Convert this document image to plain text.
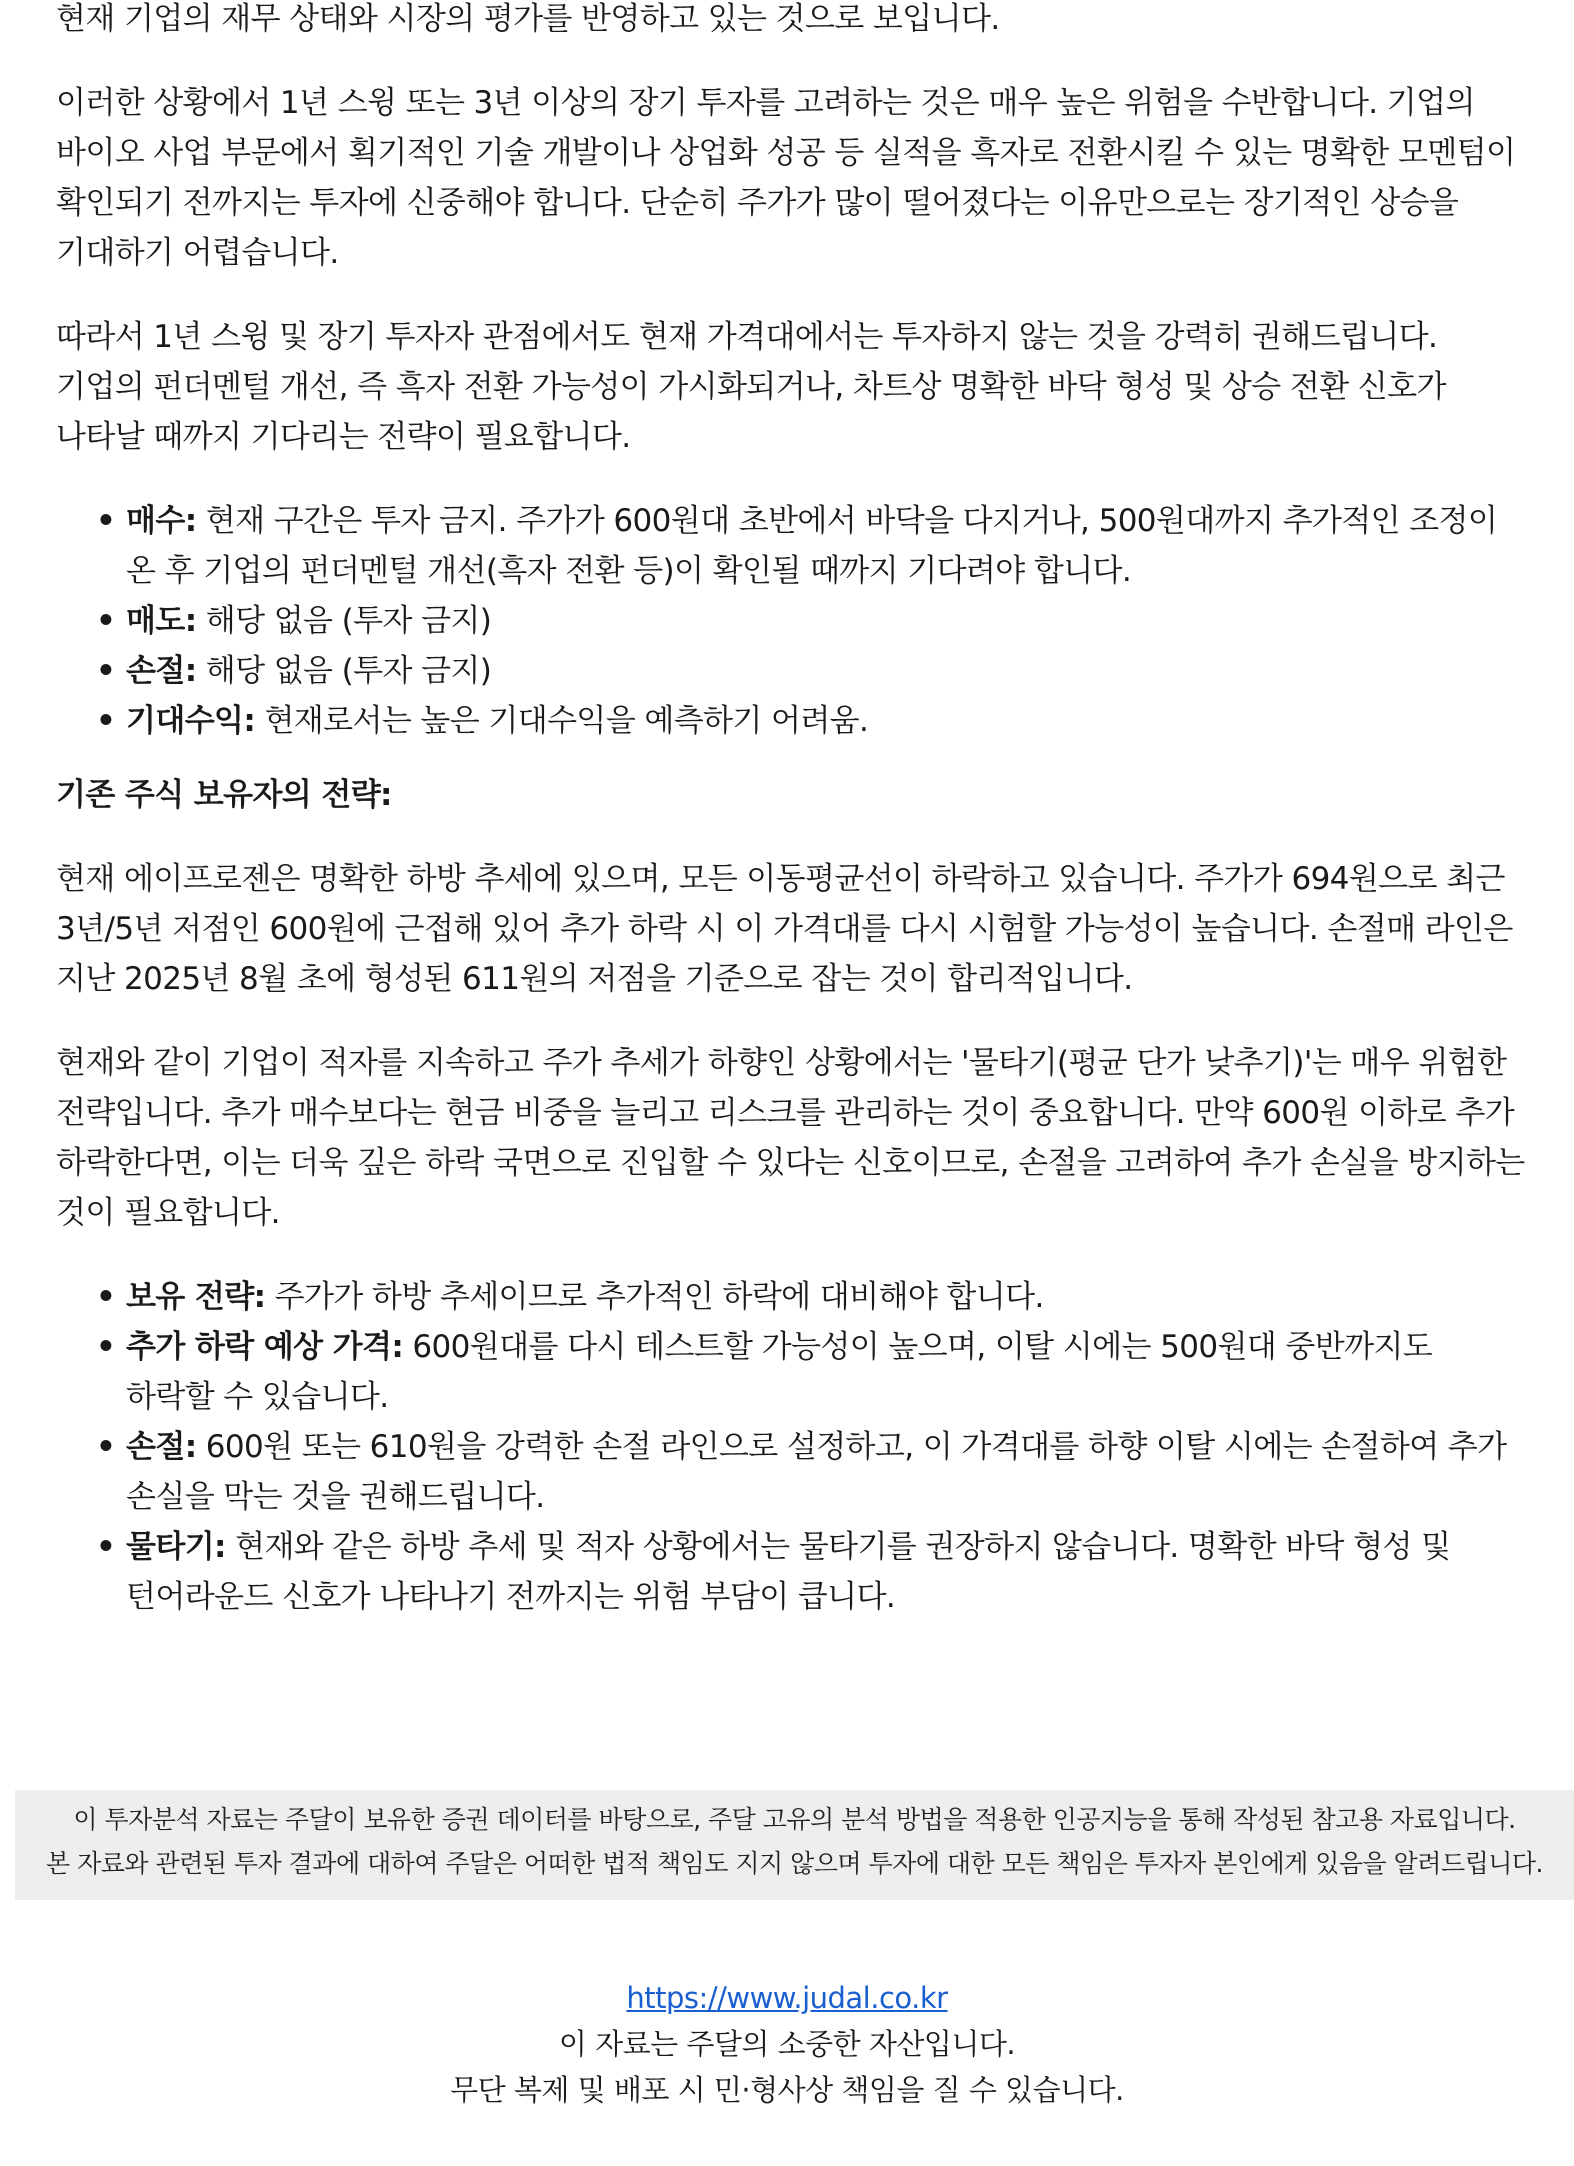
현재 기업의 재무 상태와 시장의 평가를 반영하고 있는 것으로 보입니다.

이러한 상황에서 1년 스윙 또는 3년 이상의 장기 투자를 고려하는 것은 매우 높은 위험을 수반합니다. 기업의 바이오 사업 부문에서 획기적인 기술 개발이나 상업화 성공 등 실적을 흑자로 전환시킬 수 있는 명확한 모멘텀이 확인되기 전까지는 투자에 신중해야 합니다. 단순히 주가가 많이 떨어졌다는 이유만으로는 장기적인 상승을 기대하기 어렵습니다.

따라서 1년 스윙 및 장기 투자자 관점에서도 현재 가격대에서는 투자하지 않는 것을 강력히 권해드립니다. 기업의 펀더멘털 개선, 즉 흑자 전환 가능성이 가시화되거나, 차트상 명확한 바닥 형성 및 상승 전환 신호가 나타날 때까지 기다리는 전략이 필요합니다.

• 매수: 현재 구간은 투자 금지. 주가가 600원대 초반에서 바닥을 다지거나, 500원대까지 추가적인 조정이 온 후 기업의 펀더멘털 개선(흑자 전환 등)이 확인될 때까지 기다려야 합니다.
• 매도: 해당 없음 (투자 금지)
• 손절: 해당 없음 (투자 금지)
• 기대수익: 현재로서는 높은 기대수익을 예측하기 어려움.
기존 주식 보유자의 전략:

현재 에이프로젠은 명확한 하방 추세에 있으며, 모든 이동평균선이 하락하고 있습니다. 주가가 694원으로 최근 3년/5년 저점인 600원에 근접해 있어 추가 하락 시 이 가격대를 다시 시험할 가능성이 높습니다. 손절매 라인은 지난 2025년 8월 초에 형성된 611원의 저점을 기준으로 잡는 것이 합리적입니다.

현재와 같이 기업이 적자를 지속하고 주가 추세가 하향인 상황에서는 '물타기(평균 단가 낮추기)'는 매우 위험한 전략입니다. 추가 매수보다는 현금 비중을 늘리고 리스크를 관리하는 것이 중요합니다. 만약 600원 이하로 추가 하락한다면, 이는 더욱 깊은 하락 국면으로 진입할 수 있다는 신호이므로, 손절을 고려하여 추가 손실을 방지하는 것이 필요합니다.

• 보유 전략: 주가가 하방 추세이므로 추가적인 하락에 대비해야 합니다.
• 추가 하락 예상 가격: 600원대를 다시 테스트할 가능성이 높으며, 이탈 시에는 500원대 중반까지도 하락할 수 있습니다.
• 손절: 600원 또는 610원을 강력한 손절 라인으로 설정하고, 이 가격대를 하향 이탈 시에는 손절하여 추가 손실을 막는 것을 권해드립니다.
• 물타기: 현재와 같은 하방 추세 및 적자 상황에서는 물타기를 권장하지 않습니다. 명확한 바닥 형성 및 턴어라운드 신호가 나타나기 전까지는 위험 부담이 큽니다.
이 투자분석 자료는 주달이 보유한 증권 데이터를 바탕으로, 주달 고유의 분석 방법을 적용한 인공지능을 통해 작성된 참고용 자료입니다.
본 자료와 관련된 투자 결과에 대하여 주달은 어떠한 법적 책임도 지지 않으며 투자에 대한 모든 책임은 투자자 본인에게 있음을 알려드립니다.
https://www.judal.co.kr
이 자료는 주달의 소중한 자산입니다.
무단 복제 및 배포 시 민·형사상 책임을 질 수 있습니다.
